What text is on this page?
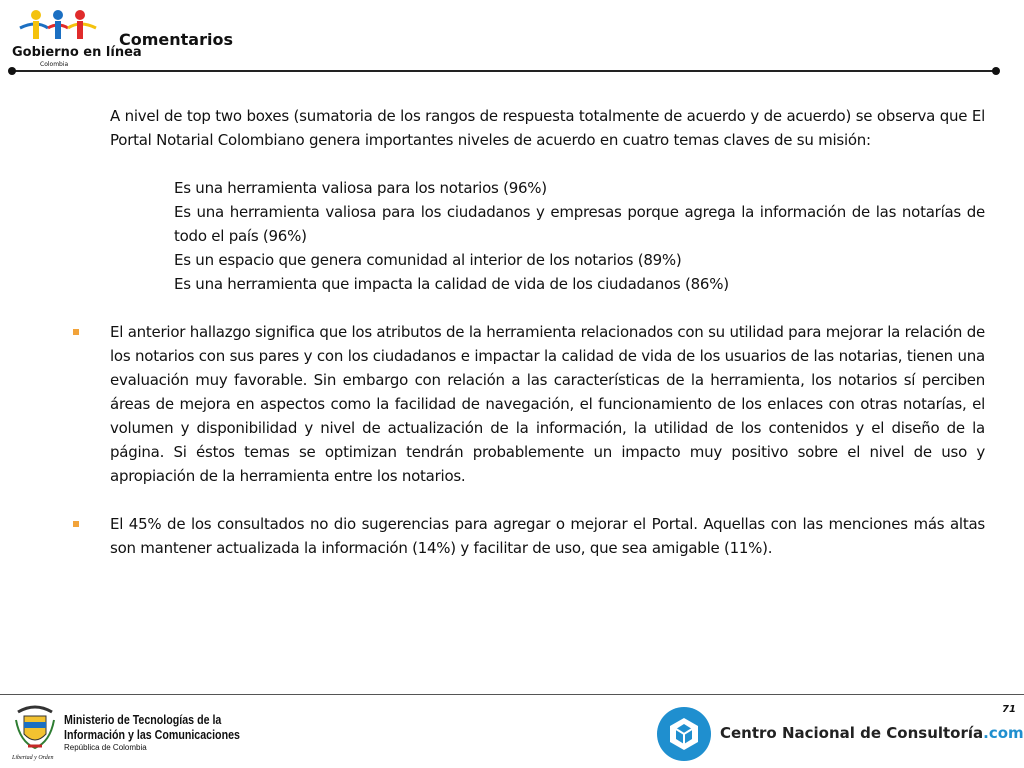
Gobierno en línea
Colombia
Comentarios

A nivel de top two boxes (sumatoria de los rangos de respuesta totalmente de acuerdo y de acuerdo) se observa que El Portal Notarial Colombiano genera importantes niveles de acuerdo en cuatro temas claves de su misión:

Es una herramienta valiosa para los notarios (96%)

Es una herramienta valiosa para los ciudadanos y empresas porque agrega la información de las notarías de todo el país (96%)

Es un espacio que genera comunidad al interior de los notarios (89%)

Es una herramienta que impacta la calidad de vida de los ciudadanos (86%)

El anterior hallazgo significa que los atributos de la herramienta relacionados con su utilidad para mejorar la relación de los notarios con sus pares y con los ciudadanos e impactar la calidad de vida de los usuarios de las notarias, tienen una evaluación muy favorable. Sin embargo con relación a las características de la herramienta, los notarios sí perciben áreas de mejora en aspectos como la facilidad de navegación, el funcionamiento de los enlaces con otras notarías, el volumen y disponibilidad y nivel de actualización de la información, la utilidad de los contenidos y el diseño de la página. Si éstos temas se optimizan tendrán probablemente un impacto muy positivo sobre el nivel de uso y apropiación de la herramienta entre los notarios.

El 45% de los consultados no dio sugerencias para agregar o mejorar el Portal. Aquellas con las menciones más altas son mantener actualizada la información (14%) y facilitar de uso, que sea amigable (11%).

71
Ministerio de Tecnologías de la
Información y las Comunicaciones
República de Colombia
Libertad y Orden
Centro Nacional de Consultoría.com
